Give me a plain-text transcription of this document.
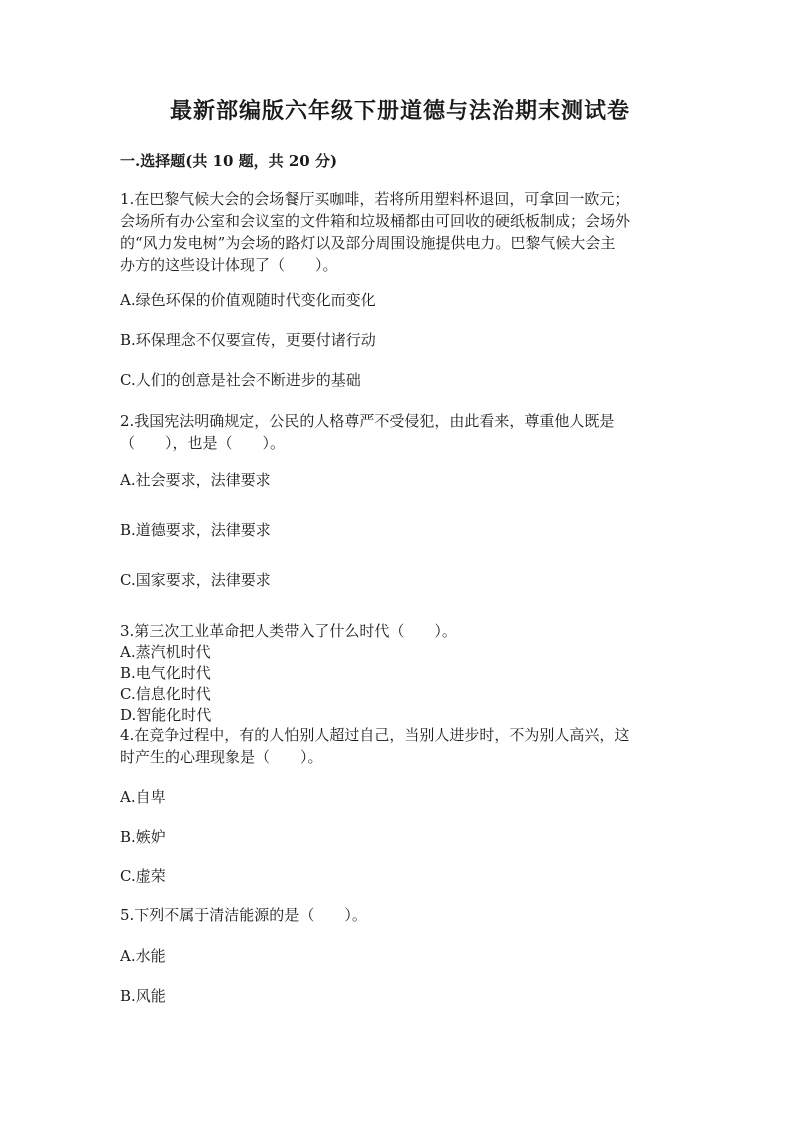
最新部编版六年级下册道德与法治期末测试卷
一.选择题(共 10 题，共 20 分)
1.在巴黎气候大会的会场餐厅买咖啡，若将所用塑料杯退回，可拿回一欧元；
会场所有办公室和会议室的文件箱和垃圾桶都由可回收的硬纸板制成；会场外
的“风力发电树”为会场的路灯以及部分周围设施提供电力。巴黎气候大会主
办方的这些设计体现了（　　）。
A.绿色环保的价值观随时代变化而变化
B.环保理念不仅要宣传，更要付诸行动
C.人们的创意是社会不断进步的基础
2.我国宪法明确规定，公民的人格尊严不受侵犯，由此看来，尊重他人既是
（　　），也是（　　）。
A.社会要求，法律要求
B.道德要求，法律要求
C.国家要求，法律要求
3.第三次工业革命把人类带入了什么时代（　　）。
A.蒸汽机时代
B.电气化时代
C.信息化时代
D.智能化时代
4.在竞争过程中，有的人怕别人超过自己，当别人进步时，不为别人高兴，这
时产生的心理现象是（　　）。
A.自卑
B.嫉妒
C.虚荣
5.下列不属于清洁能源的是（　　）。
A.水能
B.风能
